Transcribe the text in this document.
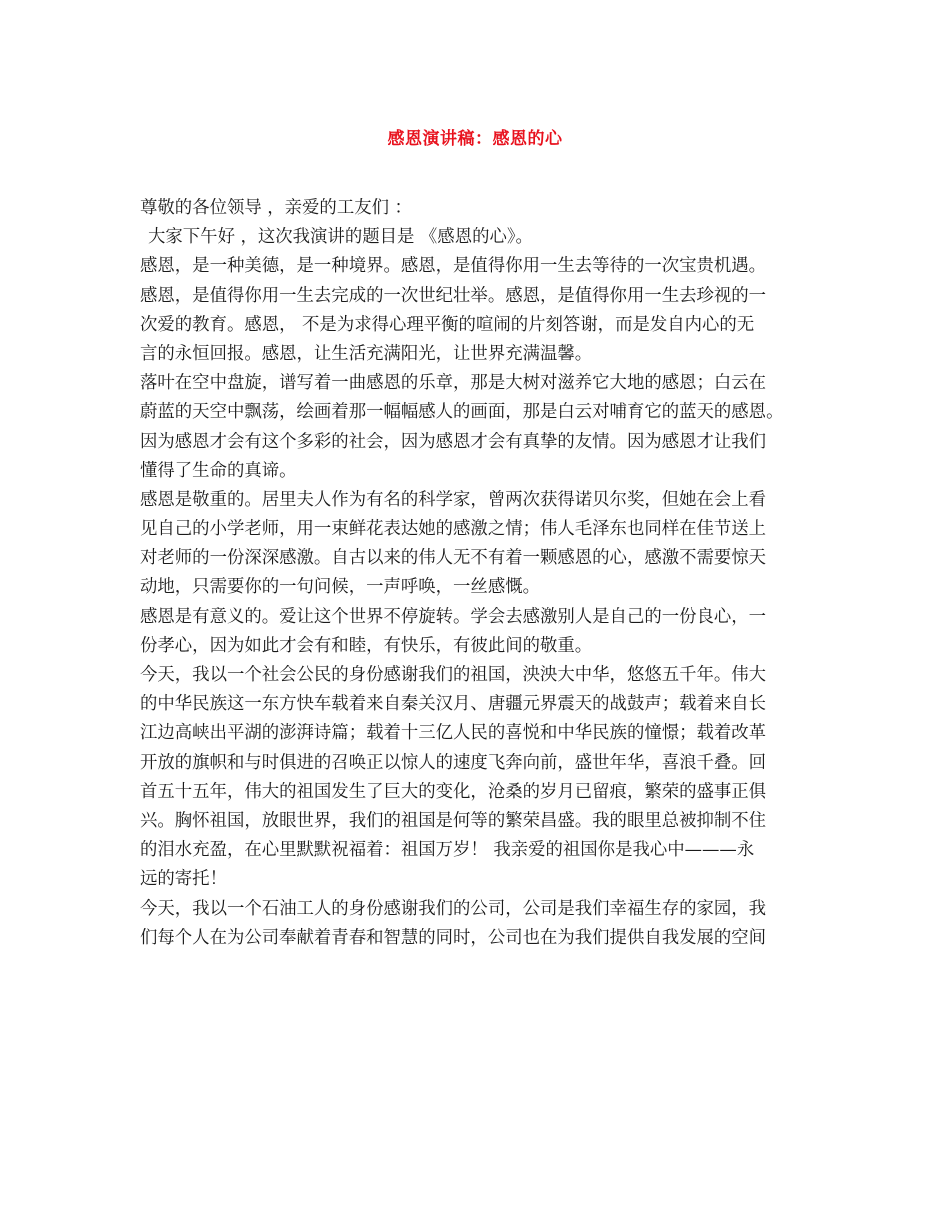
感恩演讲稿：感恩的心
尊敬的各位领导 ，亲爱的工友们 ：
大家下午好 ，这次我演讲的题目是 《感恩的心》。
感恩，是一种美德，是一种境界。感恩，是值得你用一生去等待的一次宝贵机遇。
感恩，是值得你用一生去完成的一次世纪壮举。感恩，是值得你用一生去珍视的一
次爱的教育。感恩， 不是为求得心理平衡的喧闹的片刻答谢，而是发自内心的无
言的永恒回报。感恩，让生活充满阳光，让世界充满温馨。
落叶在空中盘旋，谱写着一曲感恩的乐章，那是大树对滋养它大地的感恩；白云在
蔚蓝的天空中飘荡，绘画着那一幅幅感人的画面，那是白云对哺育它的蓝天的感恩。
因为感恩才会有这个多彩的社会，因为感恩才会有真挚的友情。因为感恩才让我们
懂得了生命的真谛。
感恩是敬重的。居里夫人作为有名的科学家，曾两次获得诺贝尔奖，但她在会上看
见自己的小学老师，用一束鲜花表达她的感激之情；伟人毛泽东也同样在佳节送上
对老师的一份深深感激。自古以来的伟人无不有着一颗感恩的心，感激不需要惊天
动地，只需要你的一句问候，一声呼唤，一丝感慨。
感恩是有意义的。爱让这个世界不停旋转。学会去感激别人是自己的一份良心，一
份孝心，因为如此才会有和睦，有快乐，有彼此间的敬重。
今天，我以一个社会公民的身份感谢我们的祖国，泱泱大中华，悠悠五千年。伟大
的中华民族这一东方快车载着来自秦关汉月、唐疆元界震天的战鼓声；载着来自长
江边高峡出平湖的澎湃诗篇；载着十三亿人民的喜悦和中华民族的憧憬；载着改革
开放的旗帜和与时俱进的召唤正以惊人的速度飞奔向前，盛世年华，喜浪千叠。回
首五十五年，伟大的祖国发生了巨大的变化，沧桑的岁月已留痕，繁荣的盛事正俱
兴。胸怀祖国，放眼世界，我们的祖国是何等的繁荣昌盛。我的眼里总被抑制不住
的泪水充盈，在心里默默祝福着：祖国万岁！ 我亲爱的祖国你是我心中———永
远的寄托！
今天，我以一个石油工人的身份感谢我们的公司，公司是我们幸福生存的家园，我
们每个人在为公司奉献着青春和智慧的同时，公司也在为我们提供自我发展的空间
